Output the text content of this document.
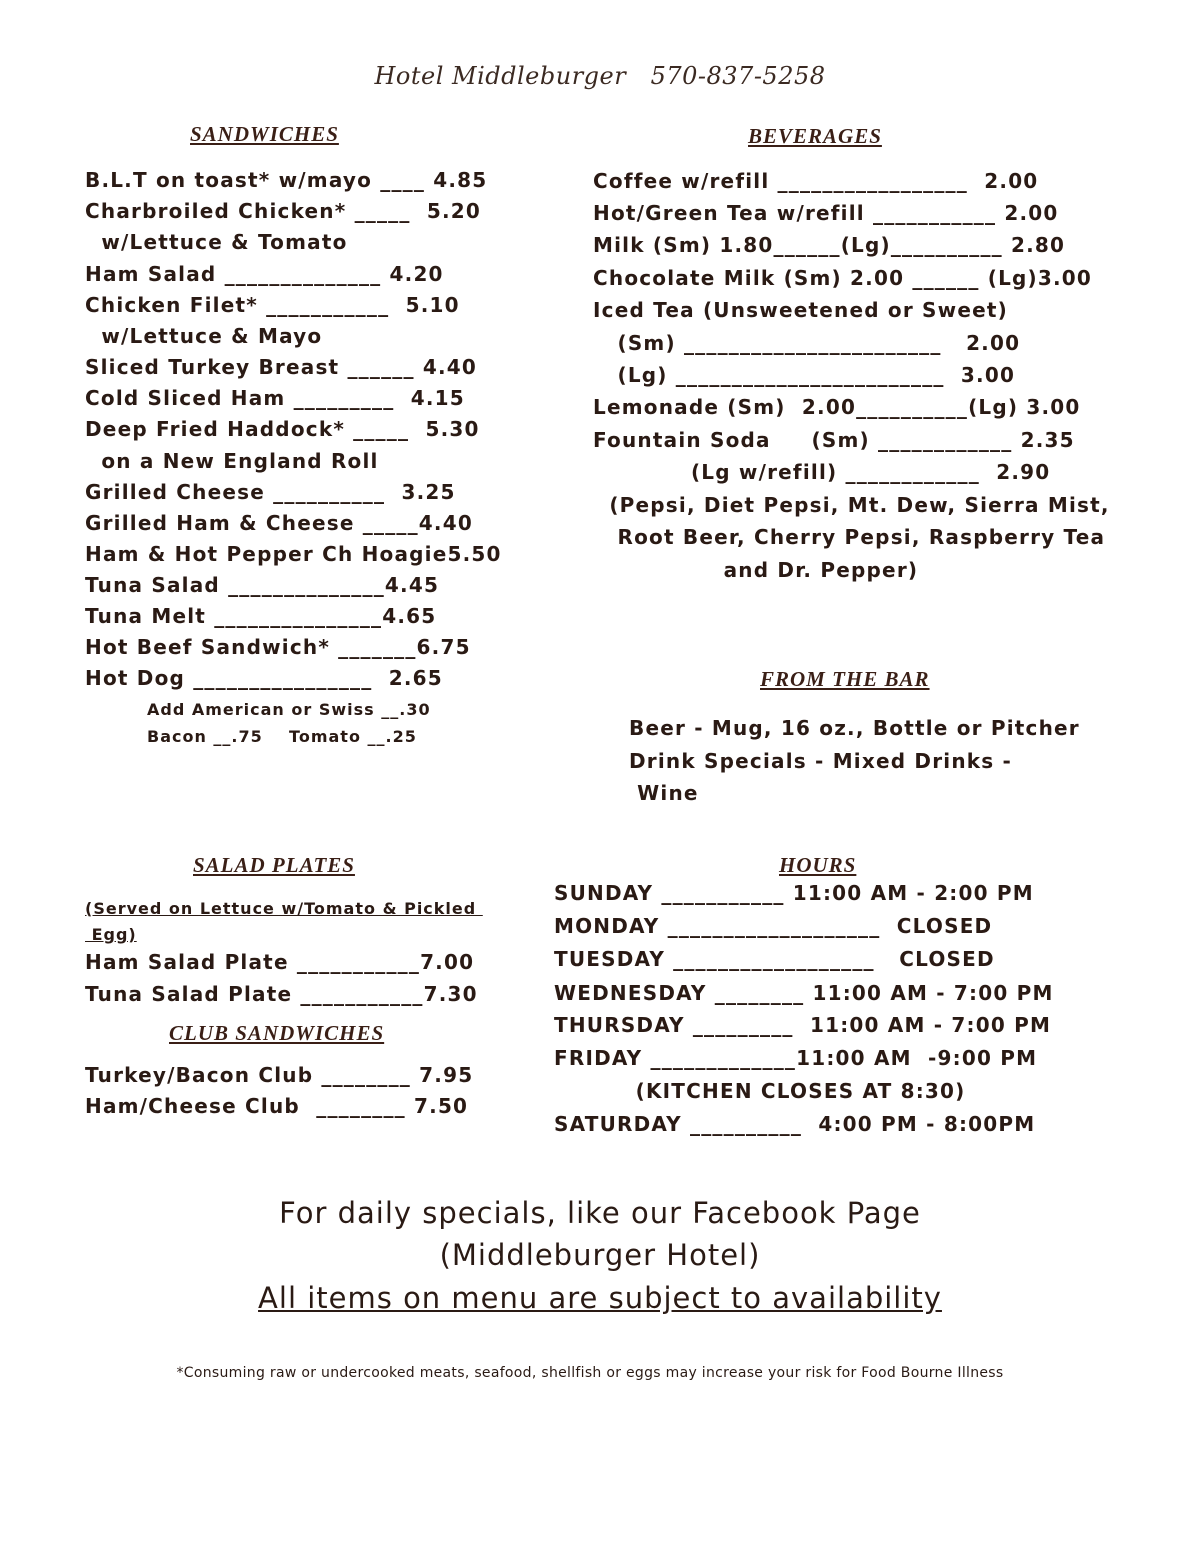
Hotel Middleburger   570-837-5258
SANDWICHES
B.L.T on toast* w/mayo ____ 4.85
Charbroiled Chicken* _____  5.20
w/Lettuce & Tomato
Ham Salad ______________ 4.20
Chicken Filet* ___________  5.10
w/Lettuce & Mayo
Sliced Turkey Breast ______ 4.40
Cold Sliced Ham _________  4.15
Deep Fried Haddock* _____  5.30
on a New England Roll
Grilled Cheese __________  3.25
Grilled Ham & Cheese _____4.40
Ham & Hot Pepper Ch Hoagie5.50
Tuna Salad ______________4.45
Tuna Melt _______________4.65
Hot Beef Sandwich* _______6.75
Hot Dog ________________  2.65
Add American or Swiss __.30
Bacon __.75    Tomato __.25
BEVERAGES
Coffee w/refill _________________  2.00
Hot/Green Tea w/refill ___________ 2.00
Milk (Sm) 1.80______(Lg)__________ 2.80
Chocolate Milk (Sm) 2.00 ______ (Lg)3.00
Iced Tea (Unsweetened or Sweet)
(Sm) _______________________   2.00
(Lg) ________________________  3.00
Lemonade (Sm)  2.00__________(Lg) 3.00
Fountain Soda     (Sm) ____________ 2.35
(Lg w/refill) ____________  2.90
(Pepsi, Diet Pepsi, Mt. Dew, Sierra Mist,
Root Beer, Cherry Pepsi, Raspberry Tea
and Dr. Pepper)
FROM THE BAR
Beer - Mug, 16 oz., Bottle or Pitcher
Drink Specials - Mixed Drinks -
Wine
SALAD PLATES
(Served on Lettuce w/Tomato & Pickled
Egg)
Ham Salad Plate ___________7.00
Tuna Salad Plate ___________7.30
CLUB SANDWICHES
Turkey/Bacon Club ________ 7.95
Ham/Cheese Club  ________ 7.50
HOURS
SUNDAY ___________ 11:00 AM - 2:00 PM
MONDAY ___________________  CLOSED
TUESDAY __________________   CLOSED
WEDNESDAY ________ 11:00 AM - 7:00 PM
THURSDAY _________  11:00 AM - 7:00 PM
FRIDAY _____________11:00 AM  -9:00 PM
(KITCHEN CLOSES AT 8:30)
SATURDAY __________  4:00 PM - 8:00PM
For daily specials, like our Facebook Page
(Middleburger Hotel)
All items on menu are subject to availability
*Consuming raw or undercooked meats, seafood, shellfish or eggs may increase your risk for Food Bourne Illness
